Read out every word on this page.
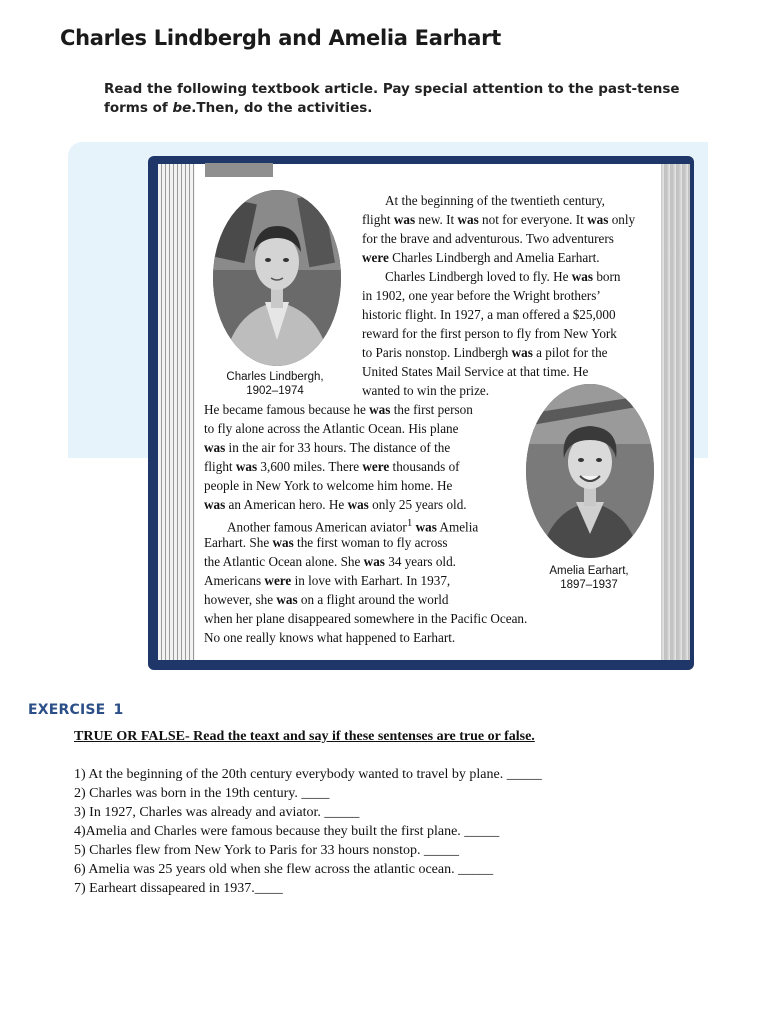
Charles Lindbergh and Amelia Earhart
Read the following textbook article. Pay special attention to the past-tense forms of be.Then, do the activities.
Charles Lindbergh,
1902–1974
Amelia Earhart,
1897–1937
At the beginning of the twentieth century,
flight was new. It was not for everyone. It was only
for the brave and adventurous. Two adventurers
were Charles Lindbergh and Amelia Earhart.
Charles Lindbergh loved to fly. He was born
in 1902, one year before the Wright brothers’
historic flight. In 1927, a man offered a $25,000
reward for the first person to fly from New York
to Paris nonstop. Lindbergh was a pilot for the
United States Mail Service at that time. He
wanted to win the prize.
He became famous because he was the first person
to fly alone across the Atlantic Ocean. His plane
was in the air for 33 hours. The distance of the
flight was 3,600 miles. There were thousands of
people in New York to welcome him home. He
was an American hero. He was only 25 years old.
Another famous American aviator$^1$ was Amelia
Earhart. She was the first woman to fly across
the Atlantic Ocean alone. She was 34 years old.
Americans were in love with Earhart. In 1937,
however, she was on a flight around the world
when her plane disappeared somewhere in the Pacific Ocean.
No one really knows what happened to Earhart.
EXERCISE 1
TRUE OR FALSE- Read the teaxt and say if these sentenses are true or false.
1) At the beginning of the 20th century everybody wanted to travel by plane. _____
2) Charles was born in the 19th century. ____
3) In 1927, Charles was already and aviator. _____
4)Amelia and Charles were famous because they built the first plane. _____
5) Charles flew from New York to Paris for 33 hours nonstop. _____
6) Amelia was 25 years old when she flew across the atlantic ocean. _____
7) Earheart dissapeared in 1937.____
